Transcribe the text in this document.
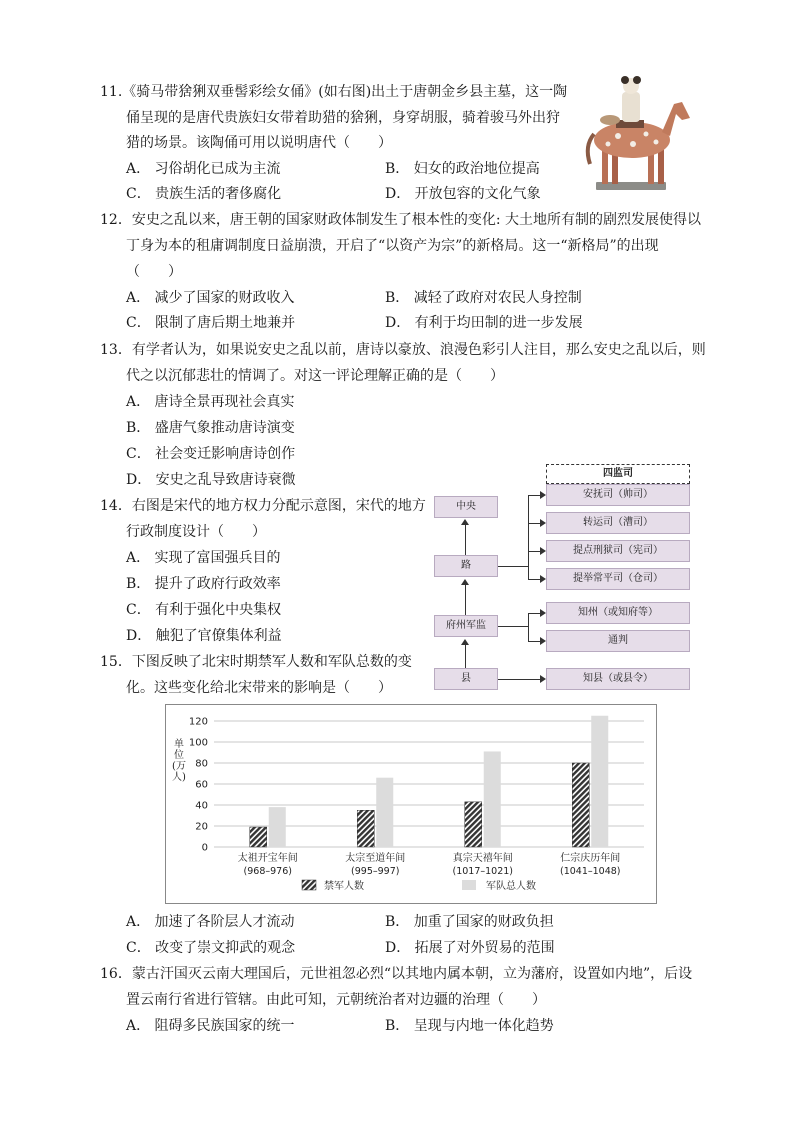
11.《骑马带猞猁双垂髻彩绘女俑》(如右图)出土于唐朝金乡县主墓，这一陶
俑呈现的是唐代贵族妇女带着助猎的猞猁，身穿胡服，骑着骏马外出狩
猎的场景。该陶俑可用以说明唐代（　　）
A． 习俗胡化已成为主流	B． 妇女的政治地位提高
C． 贵族生活的奢侈腐化	D． 开放包容的文化气象
12．安史之乱以来，唐王朝的国家财政体制发生了根本性的变化: 大土地所有制的剧烈发展使得以
丁身为本的租庸调制度日益崩溃，开启了“以资产为宗”的新格局。这一“新格局”的出现
（　　）
A． 减少了国家的财政收入	B． 减轻了政府对农民人身控制
C． 限制了唐后期土地兼并	D． 有利于均田制的进一步发展
13．有学者认为，如果说安史之乱以前，唐诗以豪放、浪漫色彩引人注目，那么安史之乱以后，则
代之以沉郁悲壮的情调了。对这一评论理解正确的是（　　）
A． 唐诗全景再现社会真实
B． 盛唐气象推动唐诗演变
C． 社会变迁影响唐诗创作
D． 安史之乱导致唐诗衰微
14．右图是宋代的地方权力分配示意图，宋代的地方
行政制度设计（　　）
A． 实现了富国强兵目的
B． 提升了政府行政效率
C． 有利于强化中央集权
D． 触犯了官僚集体利益
四监司
中央
路
府州军监
县
安抚司（帅司）
转运司（漕司）
提点刑狱司（宪司）
提举常平司（仓司）
知州（或知府等）
通判
知县（或县令）
15．下图反映了北宋时期禁军人数和军队总数的变
化。这些变化给北宋带来的影响是（　　）
0
20
40
60
80
100
120
太祖开宝年间
(968–976)
太宗至道年间
(995–997)
真宗天禧年间
(1017–1021)
仁宗庆历年间
(1041–1048)
禁军人数	军队总人数
单位(万人)
A． 加速了各阶层人才流动	B． 加重了国家的财政负担
C． 改变了崇文抑武的观念	D． 拓展了对外贸易的范围
16．蒙古汗国灭云南大理国后，元世祖忽必烈“以其地内属本朝，立为藩府，设置如内地”，后设
置云南行省进行管辖。由此可知，元朝统治者对边疆的治理（　　）
A． 阻碍多民族国家的统一	B． 呈现与内地一体化趋势
